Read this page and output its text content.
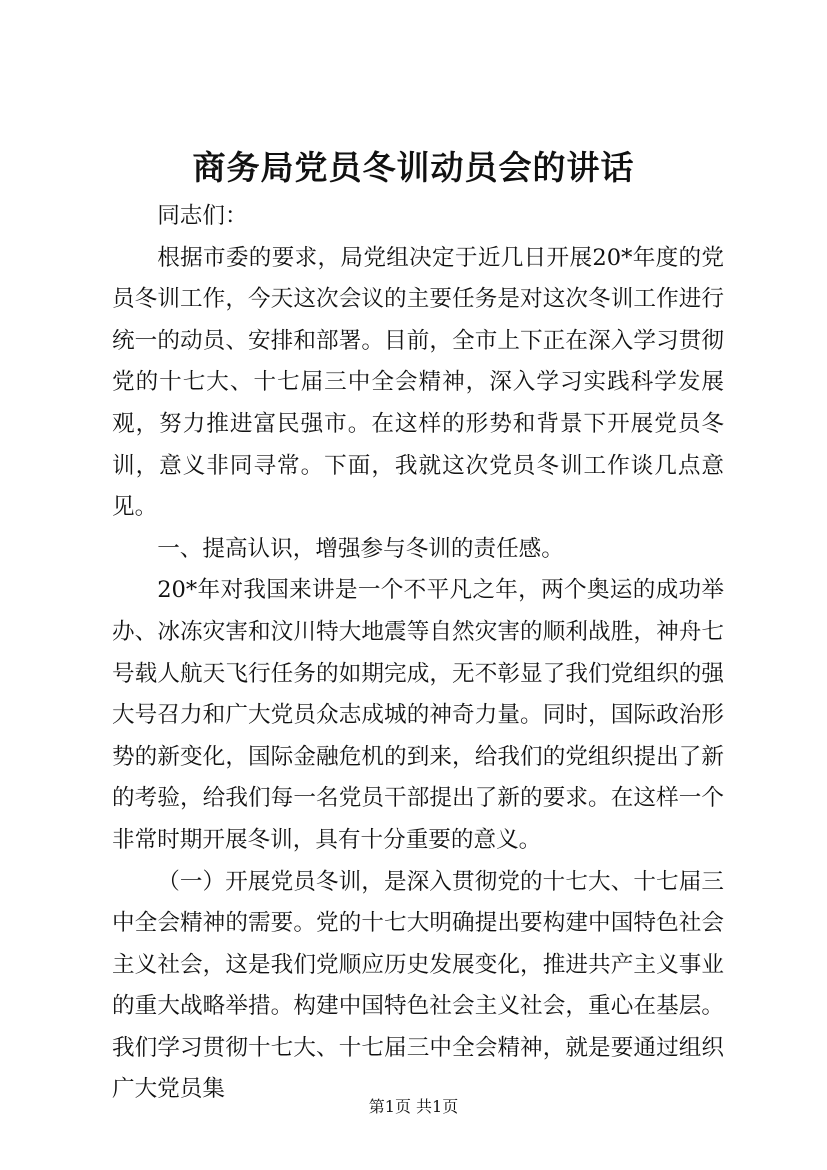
商务局党员冬训动员会的讲话

同志们：

根据市委的要求，局党组决定于近几日开展20*年度的党员冬训工作，今天这次会议的主要任务是对这次冬训工作进行统一的动员、安排和部署。目前，全市上下正在深入学习贯彻党的十七大、十七届三中全会精神，深入学习实践科学发展观，努力推进富民强市。在这样的形势和背景下开展党员冬训，意义非同寻常。下面，我就这次党员冬训工作谈几点意见。

一、提高认识，增强参与冬训的责任感。

20*年对我国来讲是一个不平凡之年，两个奥运的成功举办、冰冻灾害和汶川特大地震等自然灾害的顺利战胜，神舟七号载人航天飞行任务的如期完成，无不彰显了我们党组织的强大号召力和广大党员众志成城的神奇力量。同时，国际政治形势的新变化，国际金融危机的到来，给我们的党组织提出了新的考验，给我们每一名党员干部提出了新的要求。在这样一个非常时期开展冬训，具有十分重要的意义。

（一）开展党员冬训，是深入贯彻党的十七大、十七届三中全会精神的需要。党的十七大明确提出要构建中国特色社会主义社会，这是我们党顺应历史发展变化，推进共产主义事业的重大战略举措。构建中国特色社会主义社会，重心在基层。我们学习贯彻十七大、十七届三中全会精神，就是要通过组织广大党员集

第1页 共1页
